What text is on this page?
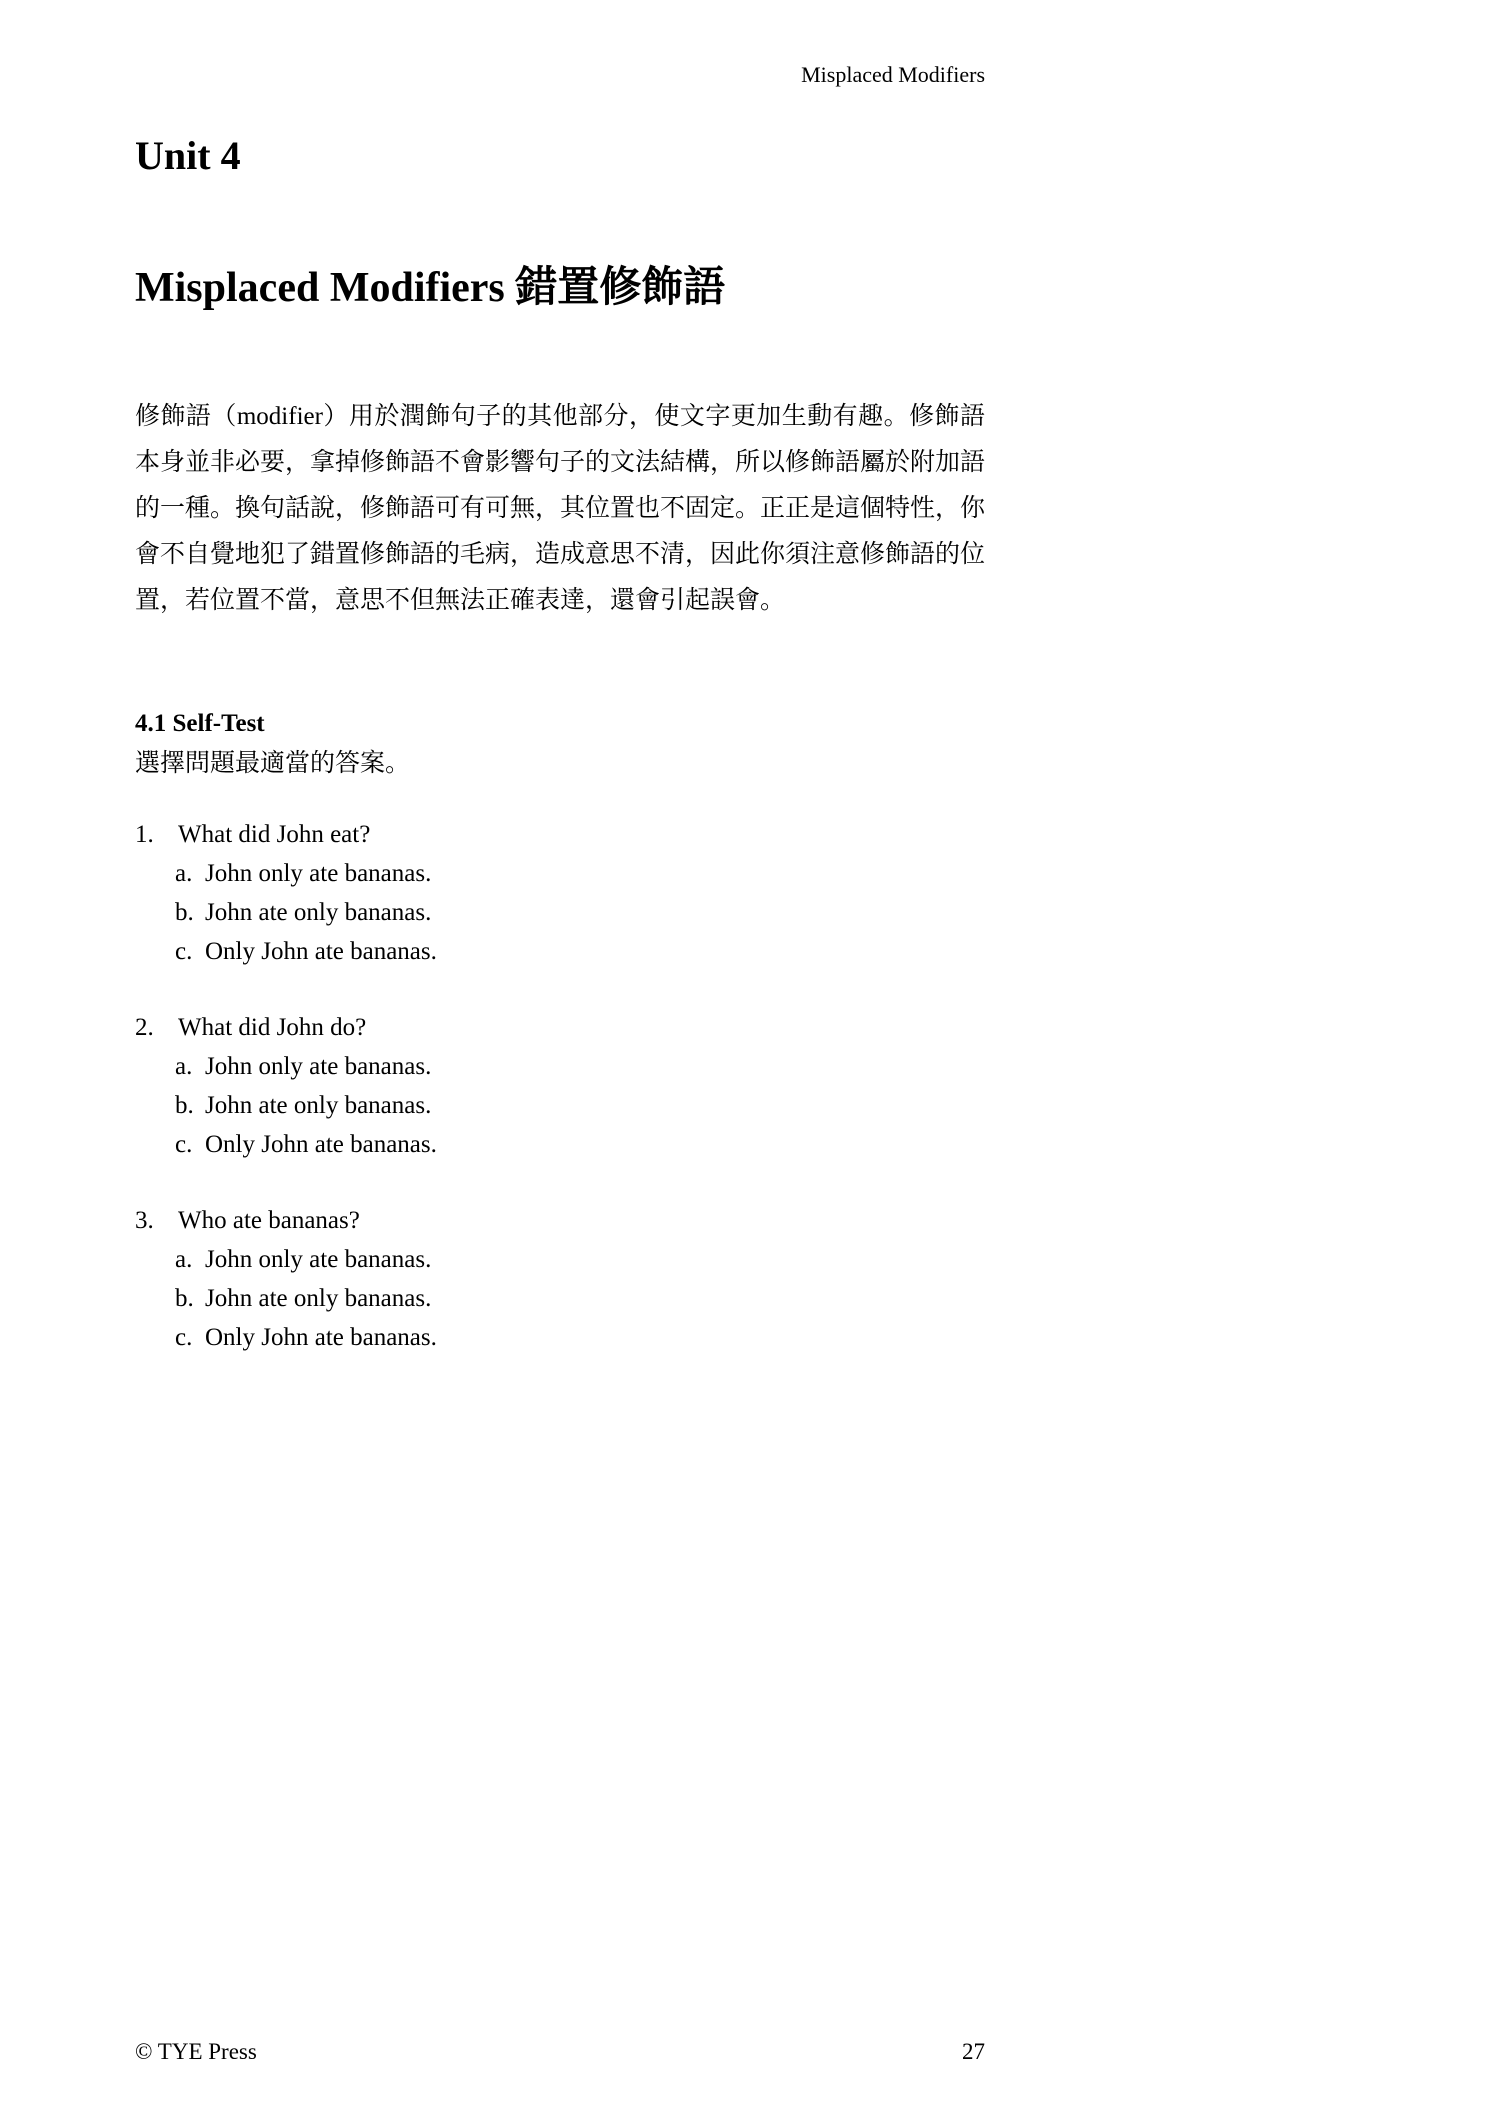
Misplaced Modifiers
Unit 4
Misplaced Modifiers 錯置修飾語

修飾語（modifier）用於潤飾句子的其他部分，使文字更加生動有趣。修飾語本身並非必要，拿掉修飾語不會影響句子的文法結構，所以修飾語屬於附加語的一種。換句話說，修飾語可有可無，其位置也不固定。正正是這個特性，你會不自覺地犯了錯置修飾語的毛病，造成意思不清，因此你須注意修飾語的位置，若位置不當，意思不但無法正確表達，還會引起誤會。

4.1 Self-Test
選擇問題最適當的答案。
1. What did John eat?
a. John only ate bananas.
b. John ate only bananas.
c. Only John ate bananas.
2. What did John do?
a. John only ate bananas.
b. John ate only bananas.
c. Only John ate bananas.
3. Who ate bananas?
a. John only ate bananas.
b. John ate only bananas.
c. Only John ate bananas.
© TYE Press	27
